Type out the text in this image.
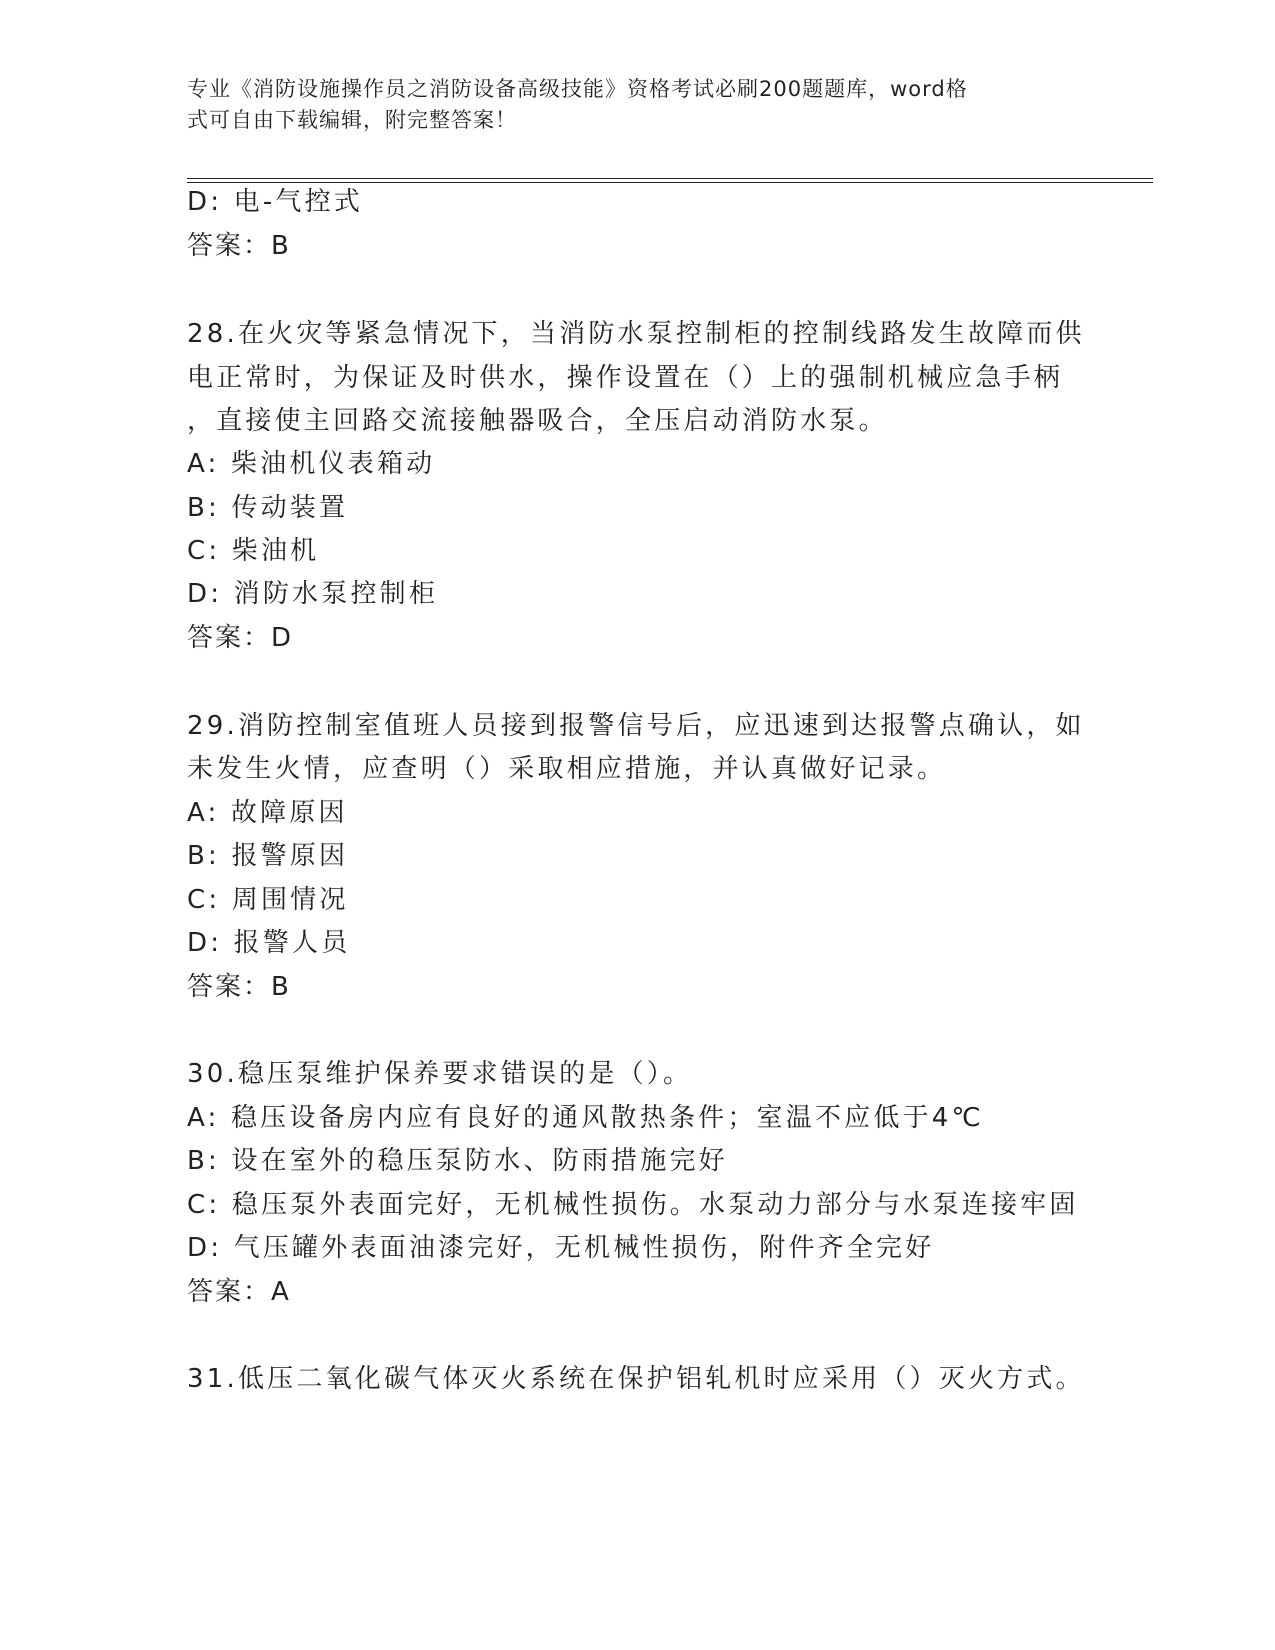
专业《消防设施操作员之消防设备高级技能》资格考试必刷200题题库，word格
式可自由下载编辑，附完整答案！
D: 电-气控式
答案：B
28.在火灾等紧急情况下，当消防水泵控制柜的控制线路发生故障而供
电正常时，为保证及时供水，操作设置在（）上的强制机械应急手柄
，直接使主回路交流接触器吸合，全压启动消防水泵。
A: 柴油机仪表箱动
B: 传动装置
C: 柴油机
D: 消防水泵控制柜
答案：D
29.消防控制室值班人员接到报警信号后，应迅速到达报警点确认，如
未发生火情，应查明（）采取相应措施，并认真做好记录。
A: 故障原因
B: 报警原因
C: 周围情况
D: 报警人员
答案：B
30.稳压泵维护保养要求错误的是（）。
A: 稳压设备房内应有良好的通风散热条件；室温不应低于4℃
B: 设在室外的稳压泵防水、防雨措施完好
C: 稳压泵外表面完好，无机械性损伤。水泵动力部分与水泵连接牢固
D: 气压罐外表面油漆完好，无机械性损伤，附件齐全完好
答案：A
31.低压二氧化碳气体灭火系统在保护铝轧机时应采用（）灭火方式。
